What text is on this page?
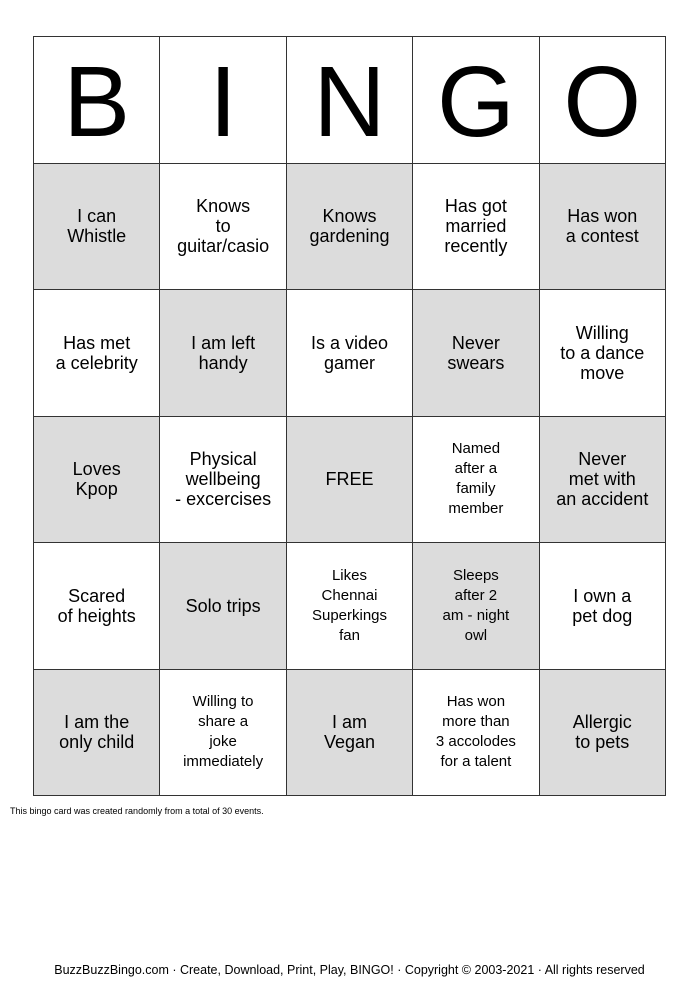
B I N G O
I can
Whistle
Knows
to
guitar/casio
Knows
gardening
Has got
married
recently
Has won
a contest
Has met
a celebrity
I am left
handy
Is a video
gamer
Never
swears
Willing
to a dance
move
Loves
Kpop
Physical
wellbeing
- excercises
FREE
Named
after a
family
member
Never
met with
an accident
Scared
of heights	Solo trips
Likes
Chennai
Superkings
fan
Sleeps
after 2
am - night
owl
I own a
pet dog
I am the
only child
Willing to
share a
joke
immediately
I am
Vegan
Has won
more than
3 accolodes
for a talent
Allergic
to pets
This bingo card was created randomly from a total of 30 events.
BuzzBuzzBingo.com · Create, Download, Print, Play, BINGO! · Copyright © 2003-2021 · All rights reserved
